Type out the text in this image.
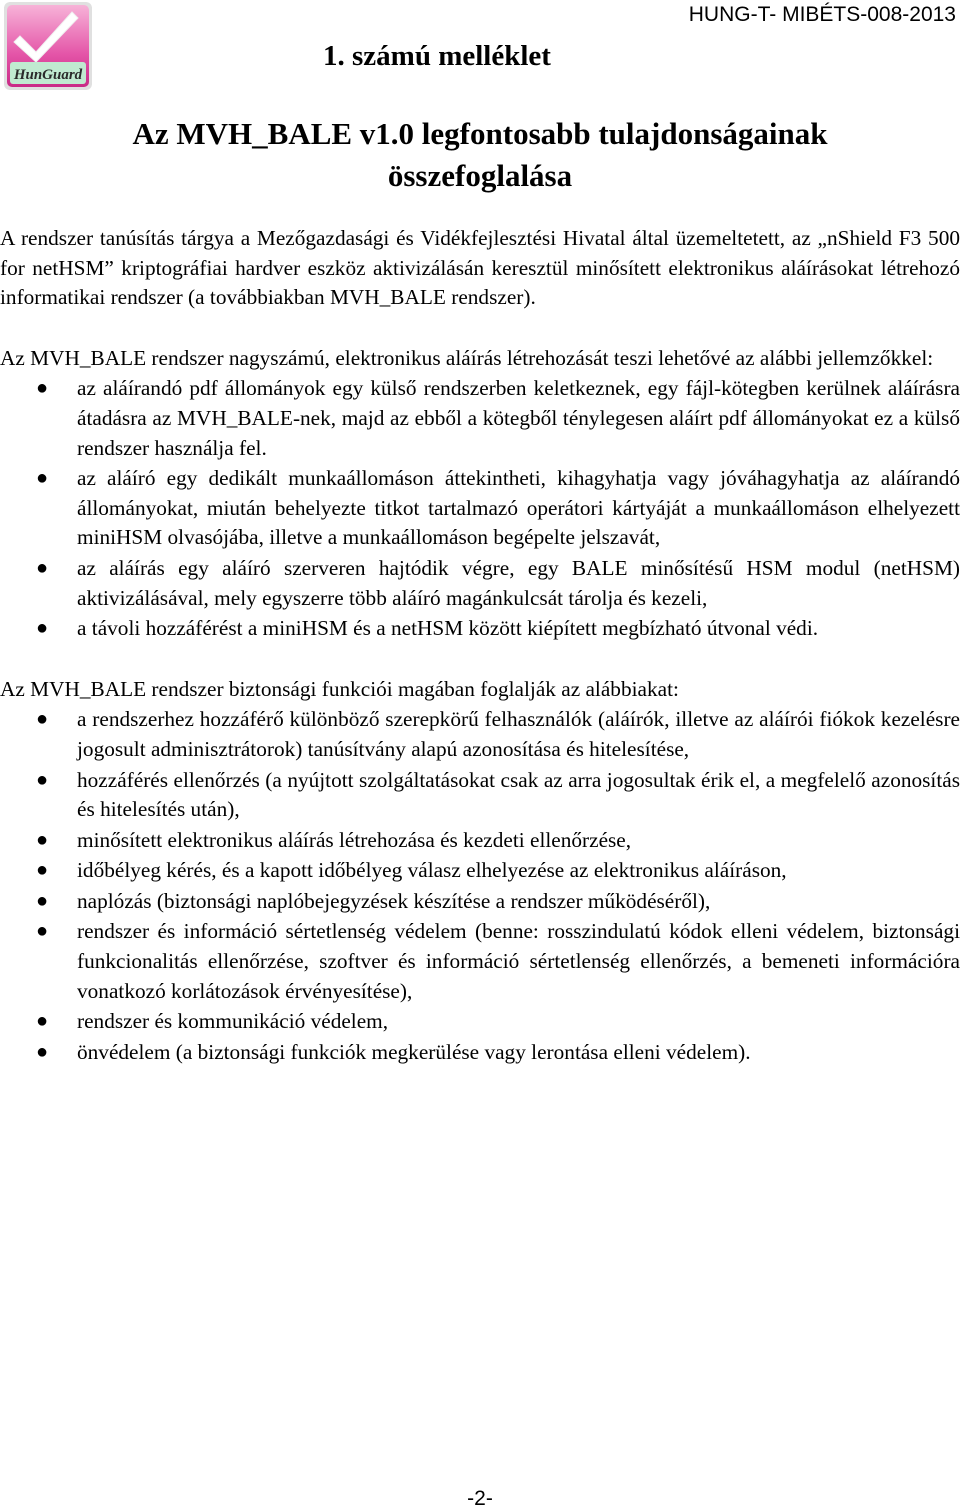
HunGuard
1. számú melléklet
HUNG-T- MIBÉTS-008-2013
Az MVH_BALE v1.0 legfontosabb tulajdonságainak
összefoglalása

A rendszer tanúsítás tárgya a Mezőgazdasági és Vidékfejlesztési Hivatal által üzemeltetett, az „nShield F3 500 for netHSM” kriptográfiai hardver eszköz aktivizálásán keresztül minősített elektronikus aláírásokat létrehozó informatikai rendszer (a továbbiakban MVH_BALE rendszer).

Az MVH_BALE rendszer nagyszámú, elektronikus aláírás létrehozását teszi lehetővé az alábbi jellemzőkkel:

● az aláírandó pdf állományok egy külső rendszerben keletkeznek, egy fájl-kötegben kerülnek aláírásra átadásra az MVH_BALE-nek, majd az ebből a kötegből ténylegesen aláírt pdf állományokat ez a külső rendszer használja fel.
● az aláíró egy dedikált munkaállomáson áttekintheti, kihagyhatja vagy jóváhagyhatja az aláírandó állományokat, miután behelyezte titkot tartalmazó operátori kártyáját a munkaállomáson elhelyezett miniHSM olvasójába, illetve a munkaállomáson begépelte jelszavát,
● az aláírás egy aláíró szerveren hajtódik végre, egy BALE minősítésű HSM modul (netHSM) aktivizálásával, mely egyszerre több aláíró magánkulcsát tárolja és kezeli,
● a távoli hozzáférést a miniHSM és a netHSM között kiépített megbízható útvonal védi.

Az MVH_BALE rendszer biztonsági funkciói magában foglalják az alábbiakat:

● a rendszerhez hozzáférő különböző szerepkörű felhasználók (aláírók, illetve az aláírói fiókok kezelésre jogosult adminisztrátorok) tanúsítvány alapú azonosítása és hitelesítése,
● hozzáférés ellenőrzés (a nyújtott szolgáltatásokat csak az arra jogosultak érik el, a megfelelő azonosítás és hitelesítés után),
● minősített elektronikus aláírás létrehozása és kezdeti ellenőrzése,
● időbélyeg kérés, és a kapott időbélyeg válasz elhelyezése az elektronikus aláíráson,
● naplózás (biztonsági naplóbejegyzések készítése a rendszer működéséről),
● rendszer és információ sértetlenség védelem (benne: rosszindulatú kódok elleni védelem, biztonsági funkcionalitás ellenőrzése, szoftver és információ sértetlenség ellenőrzés, a bemeneti információra vonatkozó korlátozások érvényesítése),
● rendszer és kommunikáció védelem,
● önvédelem (a biztonsági funkciók megkerülése vagy lerontása elleni védelem).
-2-
